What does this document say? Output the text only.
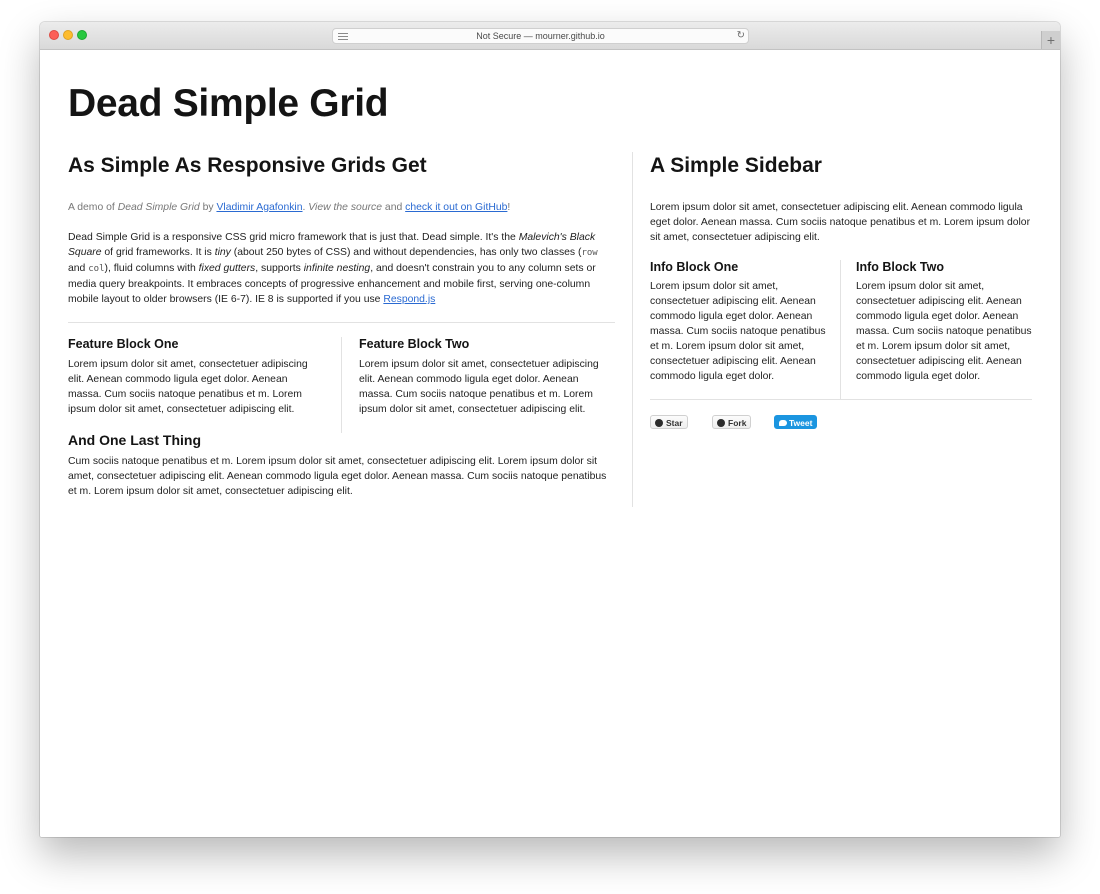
Not Secure — mourner.github.io	↻	+
Dead Simple Grid
As Simple As Responsive Grids Get

A demo of Dead Simple Grid by Vladimir Agafonkin. View the source and check it out on GitHub!

Dead Simple Grid is a responsive CSS grid micro framework that is just that. Dead simple. It's the Malevich's Black Square of grid frameworks. It is tiny (about 250 bytes of CSS) and without dependencies, has only two classes (row and col), fluid columns with fixed gutters, supports infinite nesting, and doesn't constrain you to any column sets or media query breakpoints. It embraces concepts of progressive enhancement and mobile first, serving one-column mobile layout to older browsers (IE 6-7). IE 8 is supported if you use Respond.js

Feature Block One

Lorem ipsum dolor sit amet, consectetuer adipiscing elit. Aenean commodo ligula eget dolor. Aenean massa. Cum sociis natoque penatibus et m. Lorem ipsum dolor sit amet, consectetuer adipiscing elit.

Feature Block Two

Lorem ipsum dolor sit amet, consectetuer adipiscing elit. Aenean commodo ligula eget dolor. Aenean massa. Cum sociis natoque penatibus et m. Lorem ipsum dolor sit amet, consectetuer adipiscing elit.

And One Last Thing

Cum sociis natoque penatibus et m. Lorem ipsum dolor sit amet, consectetuer adipiscing elit. Lorem ipsum dolor sit amet, consectetuer adipiscing elit. Aenean commodo ligula eget dolor. Aenean massa. Cum sociis natoque penatibus et m. Lorem ipsum dolor sit amet, consectetuer adipiscing elit.

A Simple Sidebar

Lorem ipsum dolor sit amet, consectetuer adipiscing elit. Aenean commodo ligula eget dolor. Aenean massa. Cum sociis natoque penatibus et m. Lorem ipsum dolor sit amet, consectetuer adipiscing elit.

Info Block One

Lorem ipsum dolor sit amet, consectetuer adipiscing elit. Aenean commodo ligula eget dolor. Aenean massa. Cum sociis natoque penatibus et m. Lorem ipsum dolor sit amet, consectetuer adipiscing elit. Aenean commodo ligula eget dolor.

Info Block Two

Lorem ipsum dolor sit amet, consectetuer adipiscing elit. Aenean commodo ligula eget dolor. Aenean massa. Cum sociis natoque penatibus et m. Lorem ipsum dolor sit amet, consectetuer adipiscing elit. Aenean commodo ligula eget dolor.

Star	Fork	Tweet
